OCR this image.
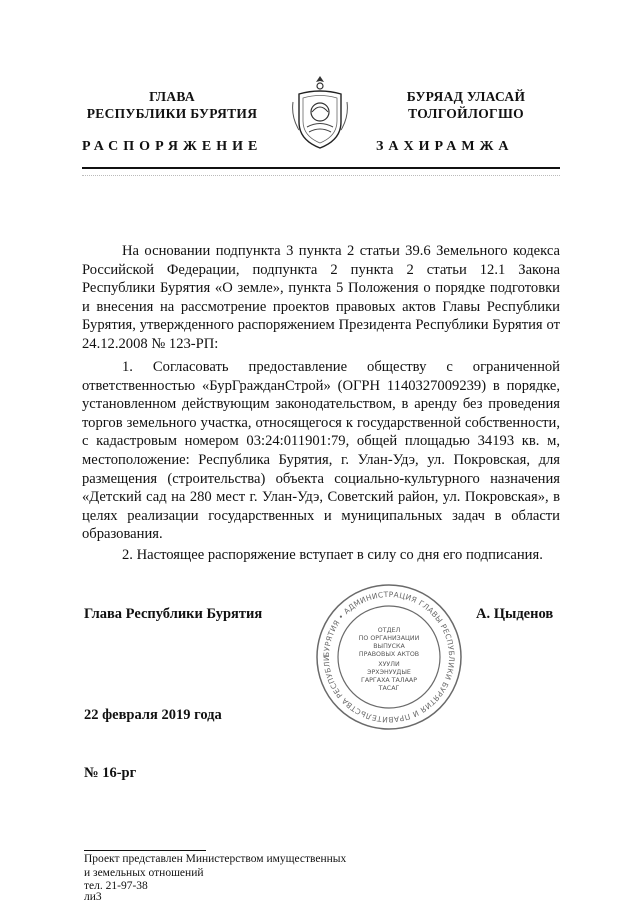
ГЛАВА
РЕСПУБЛИКИ БУРЯТИЯ
БУРЯАД УЛАСАЙ
ТОЛГОЙЛОГШО
РАСПОРЯЖЕНИЕ	ЗАХИРАМЖА
На основании подпункта 3 пункта 2 статьи 39.6 Земельного кодекса Российской Федерации, подпункта 2 пункта 2 статьи 12.1 Закона Республики Бурятия «О земле», пункта 5 Положения о порядке подготовки и внесения на рассмотрение проектов правовых актов Главы Республики Бурятия, утвержденного распоряжением Президента Республики Бурятия от 24.12.2008 № 123-РП:
1. Согласовать предоставление обществу с ограниченной ответственностью «БурГражданСтрой» (ОГРН 1140327009239) в порядке, установленном действующим законодательством, в аренду без проведения торгов земельного участка, относящегося к государственной собственности, с кадастровым номером 03:24:011901:79, общей площадью 34193 кв. м, местоположение: Республика Бурятия, г. Улан-Удэ, ул. Покровская, для размещения (строительства) объекта социально-культурного назначения «Детский сад на 280 мест г. Улан-Удэ, Советский район, ул. Покровская», в целях реализации государственных и муниципальных задач в области образования.
2. Настоящее распоряжение вступает в силу со дня его подписания.
Глава Республики Бурятия	А. Цыденов
БУРЯТИЯ • АДМИНИСТРАЦИЯ ГЛАВЫ РЕСПУБЛИКИ БУРЯТИЯ И ПРАВИТЕЛЬСТВА РЕСПУБЛИ
ОТДЕЛ
ПО ОРГАНИЗАЦИИ
ВЫПУСКА
ПРАВОВЫХ АКТОВ
ХУУЛИ
ЭРХЭНУУДЫЕ
ГАРГАХА ТАЛААР
ТАСАГ
22 февраля 2019 года
№ 16-рг
Проект представлен Министерством имущественных
и земельных отношений
тел. 21-97-38
ли3
